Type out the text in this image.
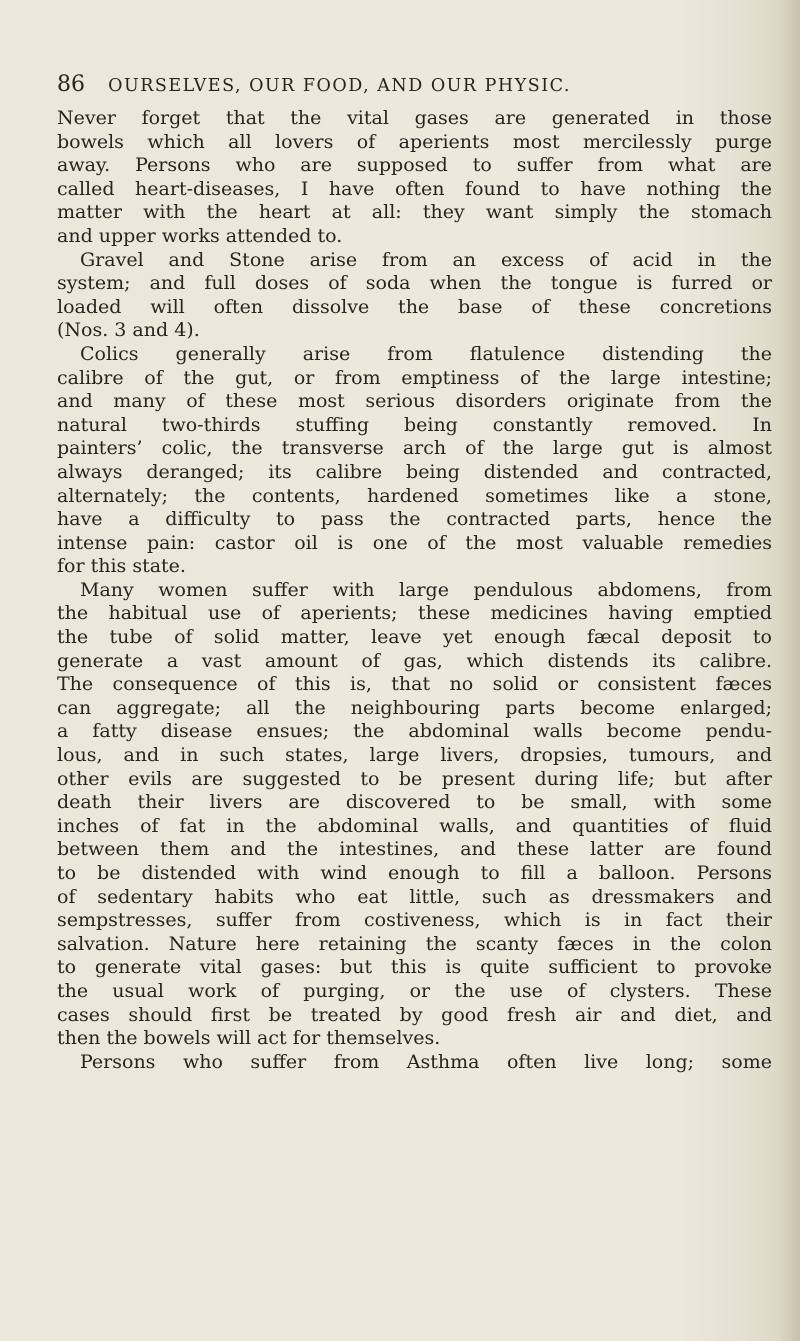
86 OURSELVES, OUR FOOD, AND OUR PHYSIC.
Never forget that the vital gases are generated in those
bowels which all lovers of aperients most mercilessly purge
away. Persons who are supposed to suffer from what are
called heart-diseases, I have often found to have nothing the
matter with the heart at all: they want simply the stomach
and upper works attended to.
Gravel and Stone arise from an excess of acid in the
system; and full doses of soda when the tongue is furred or
loaded will often dissolve the base of these concretions
(Nos. 3 and 4).
Colics generally arise from flatulence distending the
calibre of the gut, or from emptiness of the large intestine;
and many of these most serious disorders originate from the
natural two-thirds stuffing being constantly removed. In
painters’ colic, the transverse arch of the large gut is almost
always deranged; its calibre being distended and contracted,
alternately; the contents, hardened sometimes like a stone,
have a difficulty to pass the contracted parts, hence the
intense pain: castor oil is one of the most valuable remedies
for this state.
Many women suffer with large pendulous abdomens, from
the habitual use of aperients; these medicines having emptied
the tube of solid matter, leave yet enough fæcal deposit to
generate a vast amount of gas, which distends its calibre.
The consequence of this is, that no solid or consistent fæces
can aggregate; all the neighbouring parts become enlarged;
a fatty disease ensues; the abdominal walls become pendu-
lous, and in such states, large livers, dropsies, tumours, and
other evils are suggested to be present during life; but after
death their livers are discovered to be small, with some
inches of fat in the abdominal walls, and quantities of fluid
between them and the intestines, and these latter are found
to be distended with wind enough to fill a balloon. Persons
of sedentary habits who eat little, such as dressmakers and
sempstresses, suffer from costiveness, which is in fact their
salvation. Nature here retaining the scanty fæces in the colon
to generate vital gases: but this is quite sufficient to provoke
the usual work of purging, or the use of clysters. These
cases should first be treated by good fresh air and diet, and
then the bowels will act for themselves.
Persons who suffer from Asthma often live long; some
